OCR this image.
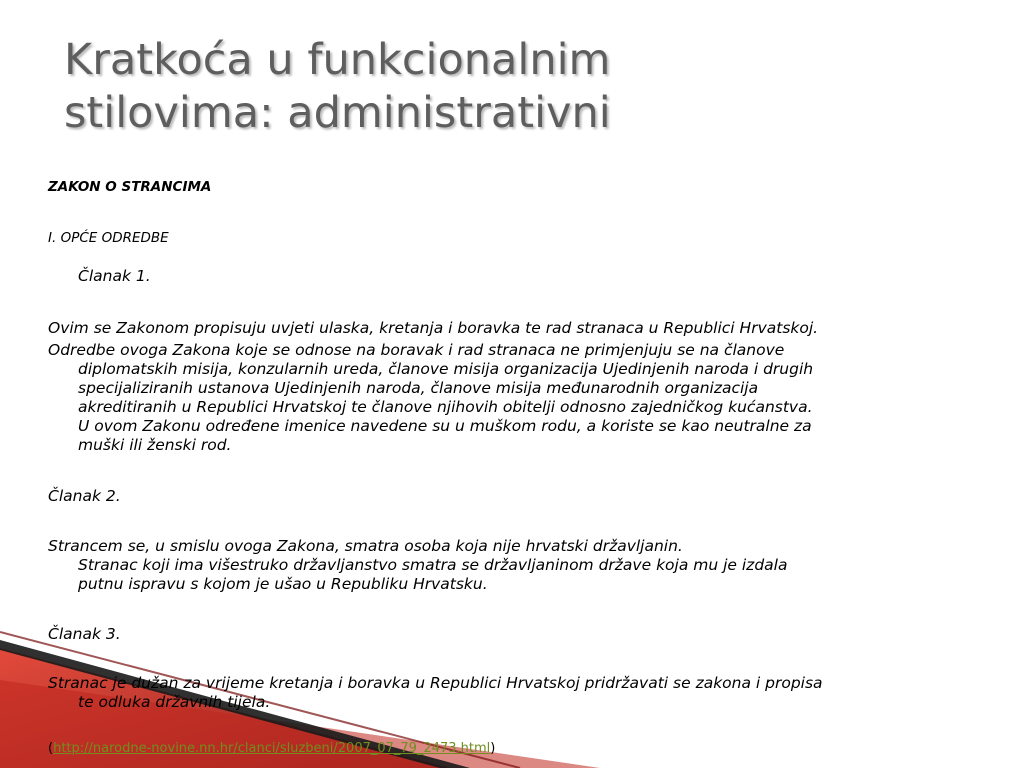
Kratkoća u funkcionalnim
stilovima: administrativni
ZAKON O STRANCIMA
I. OPĆE ODREDBE
Članak 1.
Ovim se Zakonom propisuju uvjeti ulaska, kretanja i boravka te rad stranaca u Republici Hrvatskoj.
Odredbe ovoga Zakona koje se odnose na boravak i rad stranaca ne primjenjuju se na članove
diplomatskih misija, konzularnih ureda, članove misija organizacija Ujedinjenih naroda i drugih
specijaliziranih ustanova Ujedinjenih naroda, članove misija međunarodnih organizacija
akreditiranih u Republici Hrvatskoj te članove njihovih obitelji odnosno zajedničkog kućanstva.
U ovom Zakonu određene imenice navedene su u muškom rodu, a koriste se kao neutralne za
muški ili ženski rod.
Članak 2.
Strancem se, u smislu ovoga Zakona, smatra osoba koja nije hrvatski državljanin.
Stranac koji ima višestruko državljanstvo smatra se državljaninom države koja mu je izdala
putnu ispravu s kojom je ušao u Republiku Hrvatsku.
Članak 3.
Stranac je dužan za vrijeme kretanja i boravka u Republici Hrvatskoj pridržavati se zakona i propisa
te odluka državnih tijela.
(http://narodne-novine.nn.hr/clanci/sluzbeni/2007_07_79_2473.html)
